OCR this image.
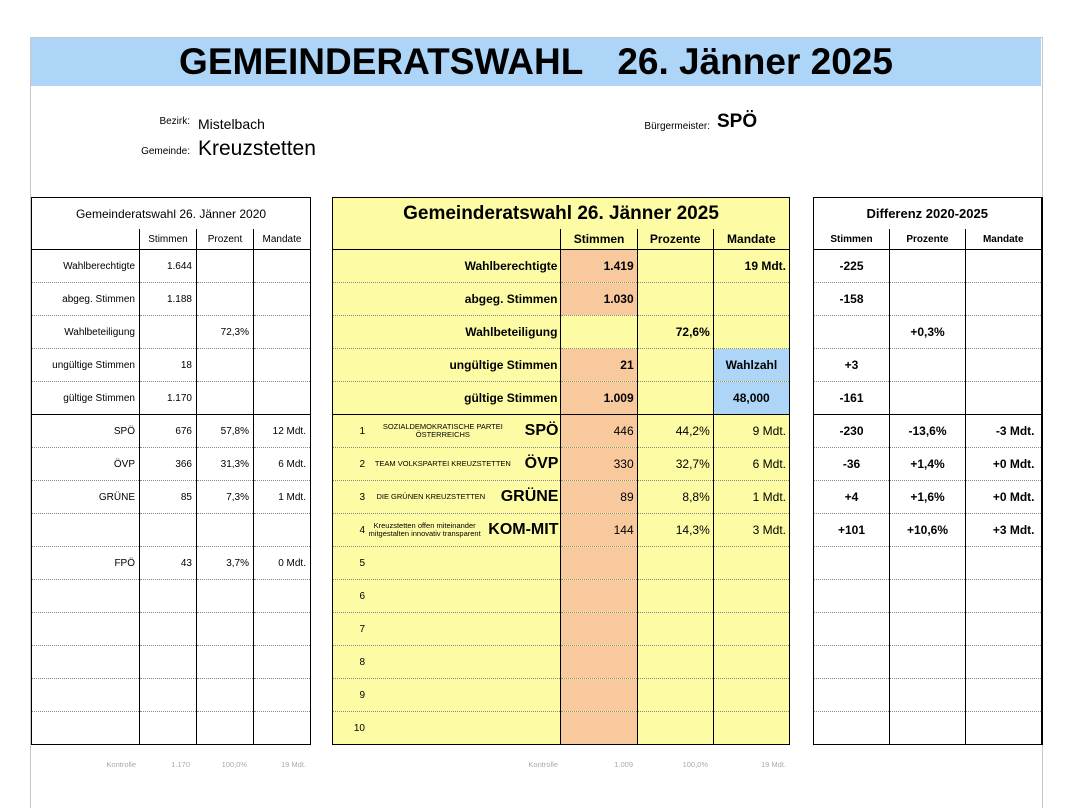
GEMEINDERATSWAHL 26. Jänner 2025
Bezirk: Mistelbach
Gemeinde: Kreuzstetten
Bürgermeister: SPÖ
Gemeinderatswahl 26. Jänner 2020			
	Stimmen	Prozent	Mandate
Wahlberechtigte	1.644		
abgeg. Stimmen	1.188		
Wahlbeteiligung		72,3%	
ungültige Stimmen	18		
gültige Stimmen	1.170		
SPÖ	676	57,8%	12 Mdt.
ÖVP	366	31,3%	6 Mdt.
GRÜNE	85	7,3%	1 Mdt.

FPÖ	43	3,7%	0 Mdt.

Gemeinderatswahl 26. Jänner 2025			
	Stimmen	Prozente	Mandate
Wahlberechtigte	1.419		19 Mdt.
abgeg. Stimmen	1.030		
Wahlbeteiligung		72,6%	
ungültige Stimmen	21		Wahlzahl
gültige Stimmen	1.009		48,000

1 SOZIALDEMOKRATISCHE PARTEI ÖSTERREICHS SPÖ	446	44,2%	9 Mdt.

2 TEAM VOLKSPARTEI KREUZSTETTEN ÖVP	330	32,7%	6 Mdt.

3 DIE GRÜNEN KREUZSTETTEN GRÜNE	89	8,8%	1 Mdt.

4 Kreuzstetten offen miteinander mitgestalten innovativ transparent KOM-MIT	144	14,3%	3 Mdt.

5			

6			

7			

8			

9			

10			

Differenz 2020-2025		
Stimmen	Prozente	Mandate
-225		
-158		
	+0,3%	
+3		
-161		
-230	-13,6%	-3 Mdt.
-36	+1,4%	+0 Mdt.
+4	+1,6%	+0 Mdt.
+101	+10,6%	+3 Mdt.

Kontrolle	1.170	100,0%	19 Mdt.	Kontrolle	1.009	100,0%	19 Mdt.
